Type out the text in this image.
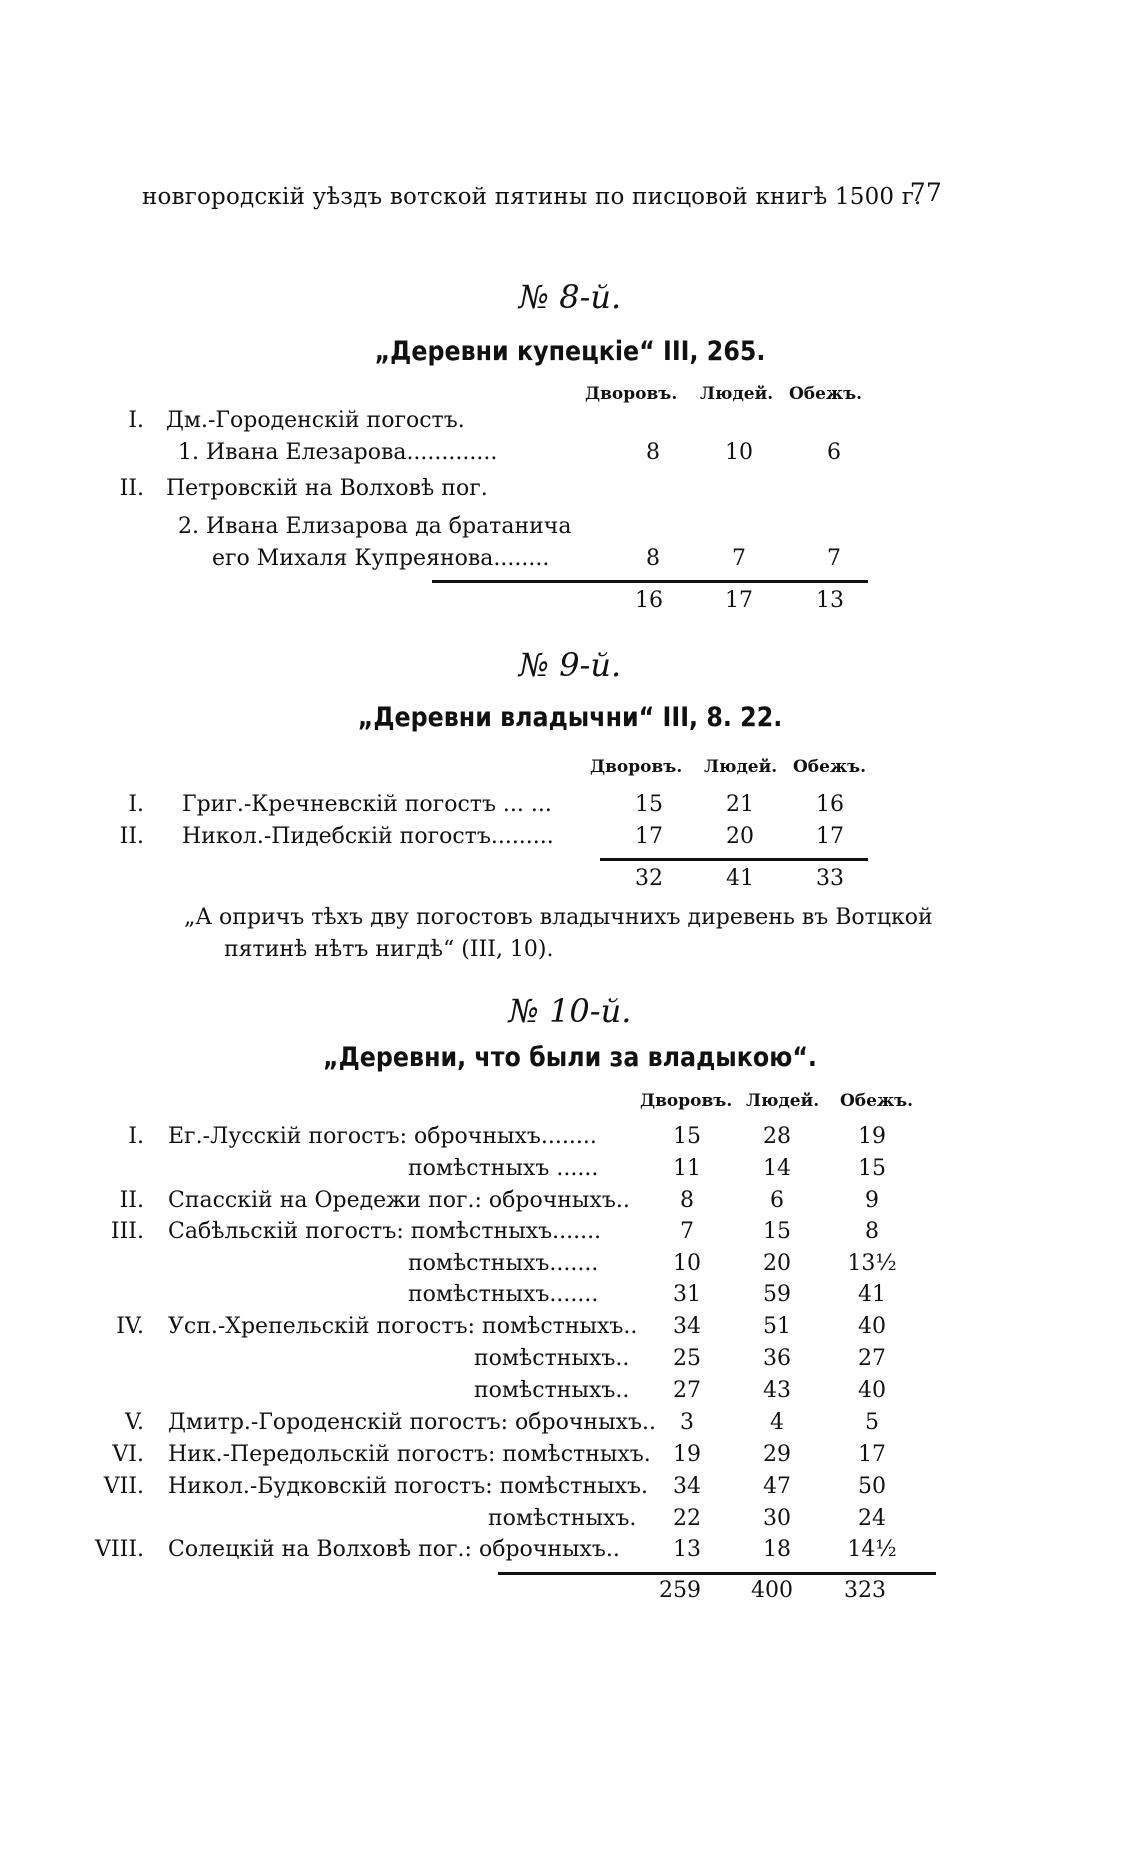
новгородскій уѣздъ вотской пятины по писцовой книгѣ 1500 г.
77
№ 8-й.
„Деревни купецкіе“ III, 265.
Дворовъ. Людей. Обежъ.
I. Дм.-Городенскій погостъ.
1. Ивана Елезарова.............	8	10	6
II. Петровскій на Волховѣ пог.
2. Ивана Елизарова да братанича
его Михаля Купреянова........	8	7	7
16	17	13
№ 9-й.
„Деревни владычни“ III, 8. 22.
Дворовъ. Людей. Обежъ.
I. Григ.-Кречневскій погостъ ... ...	15	21	16
II. Никол.-Пидебскій погостъ.........	17	20	17
32	41	33
„А опричъ тѣхъ дву погостовъ владычнихъ диревень въ Вотцкой
пятинѣ нѣтъ нигдѣ“ (III, 10).
№ 10-й.
„Деревни, что были за владыкою“.
Дворовъ. Людей. Обежъ.
I. Ег.-Лусскій погостъ: оброчныхъ........	15	28	19
помѣстныхъ ......	11	14	15
II. Спасскій на Оредежи пог.: оброчныхъ..	8	6	9
III. Сабѣльскій погостъ: помѣстныхъ.......	7	15	8
помѣстныхъ.......	10	20	13½
помѣстныхъ.......	31	59	41
IV. Усп.-Хрепельскій погостъ: помѣстныхъ..	34	51	40
помѣстныхъ..	25	36	27
помѣстныхъ..	27	43	40
V. Дмитр.-Городенскій погостъ: оброчныхъ..	3	4	5
VI. Ник.-Передольскій погостъ: помѣстныхъ.	19	29	17
VII. Никол.-Будковскій погостъ: помѣстныхъ.	34	47	50
помѣстныхъ.	22	30	24
VIII. Солецкій на Волховѣ пог.: оброчныхъ..	13	18	14½
259	400	323
